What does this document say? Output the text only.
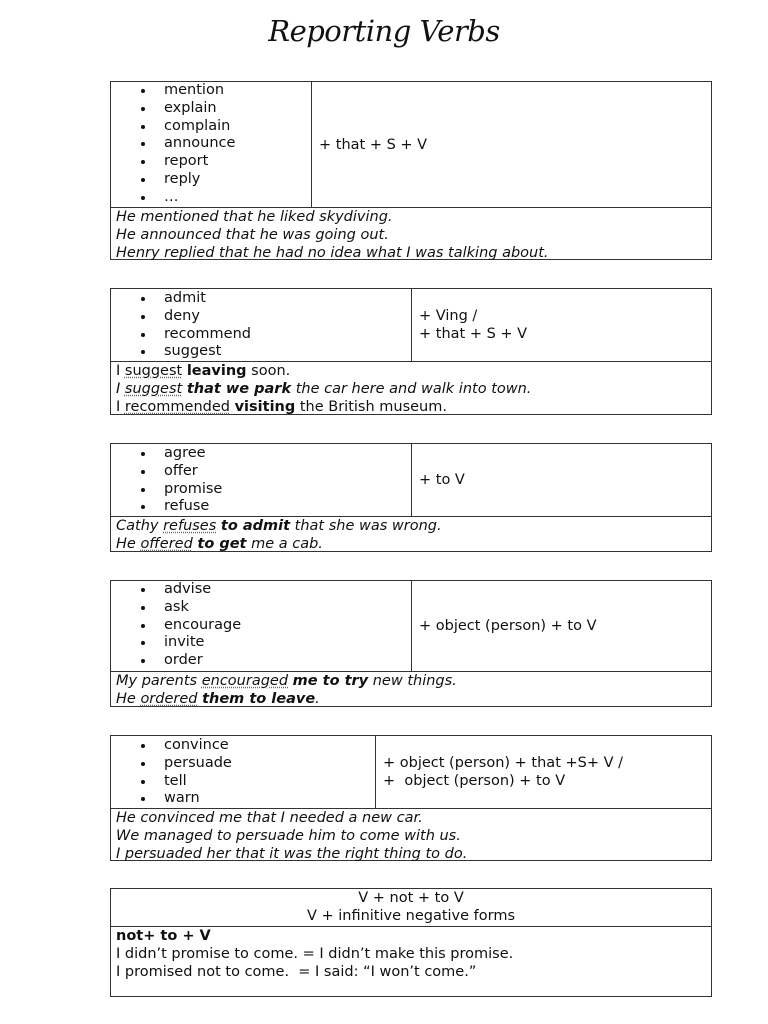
Reporting Verbs
mention
explain
complain
announce
report
reply
…
+ that + S + V
He mentioned that he liked skydiving.
He announced that he was going out.
Henry replied that he had no idea what I was talking about.
admit
deny
recommend
suggest
+ Ving /
+ that + S + V
I suggest leaving soon.
I suggest that we park the car here and walk into town.
I recommended visiting the British museum.
agree
offer
promise
refuse
+ to V
Cathy refuses to admit that she was wrong.
He offered to get me a cab.
advise
ask
encourage
invite
order
+ object (person) + to V
My parents encouraged me to try new things.
He ordered them to leave.
convince
persuade
tell
warn
+ object (person) + that +S+ V /
+  object (person) + to V
He convinced me that I needed a new car.
We managed to persuade him to come with us.
I persuaded her that it was the right thing to do.
V + not + to V
V + infinitive negative forms
not+ to + V
I didn’t promise to come. = I didn’t make this promise.
I promised not to come.  = I said: “I won’t come.”
